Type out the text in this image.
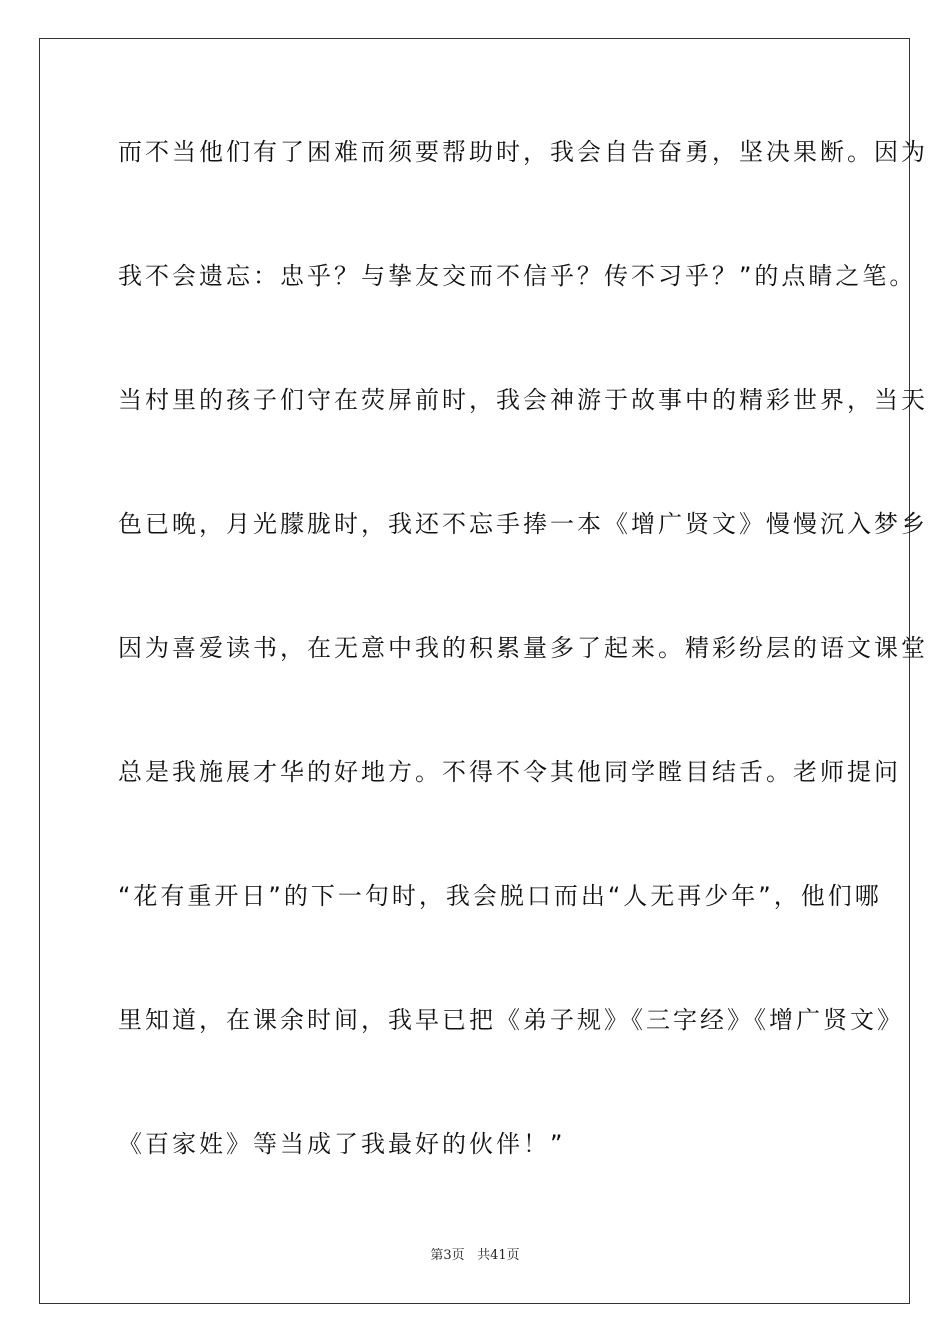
而不当他们有了困难而须要帮助时，我会自告奋勇，坚决果断。因为
我不会遗忘：忠乎？与挚友交而不信乎？传不习乎？”的点睛之笔。
当村里的孩子们守在荧屏前时，我会神游于故事中的精彩世界，当天
色已晚，月光朦胧时，我还不忘手捧一本《增广贤文》慢慢沉入梦乡
因为喜爱读书，在无意中我的积累量多了起来。精彩纷层的语文课堂
总是我施展才华的好地方。不得不令其他同学瞠目结舌。老师提问
“花有重开日”的下一句时，我会脱口而出“人无再少年”，他们哪
里知道，在课余时间，我早已把《弟子规》《三字经》《增广贤文》
《百家姓》等当成了我最好的伙伴！”
第3页 共41页
